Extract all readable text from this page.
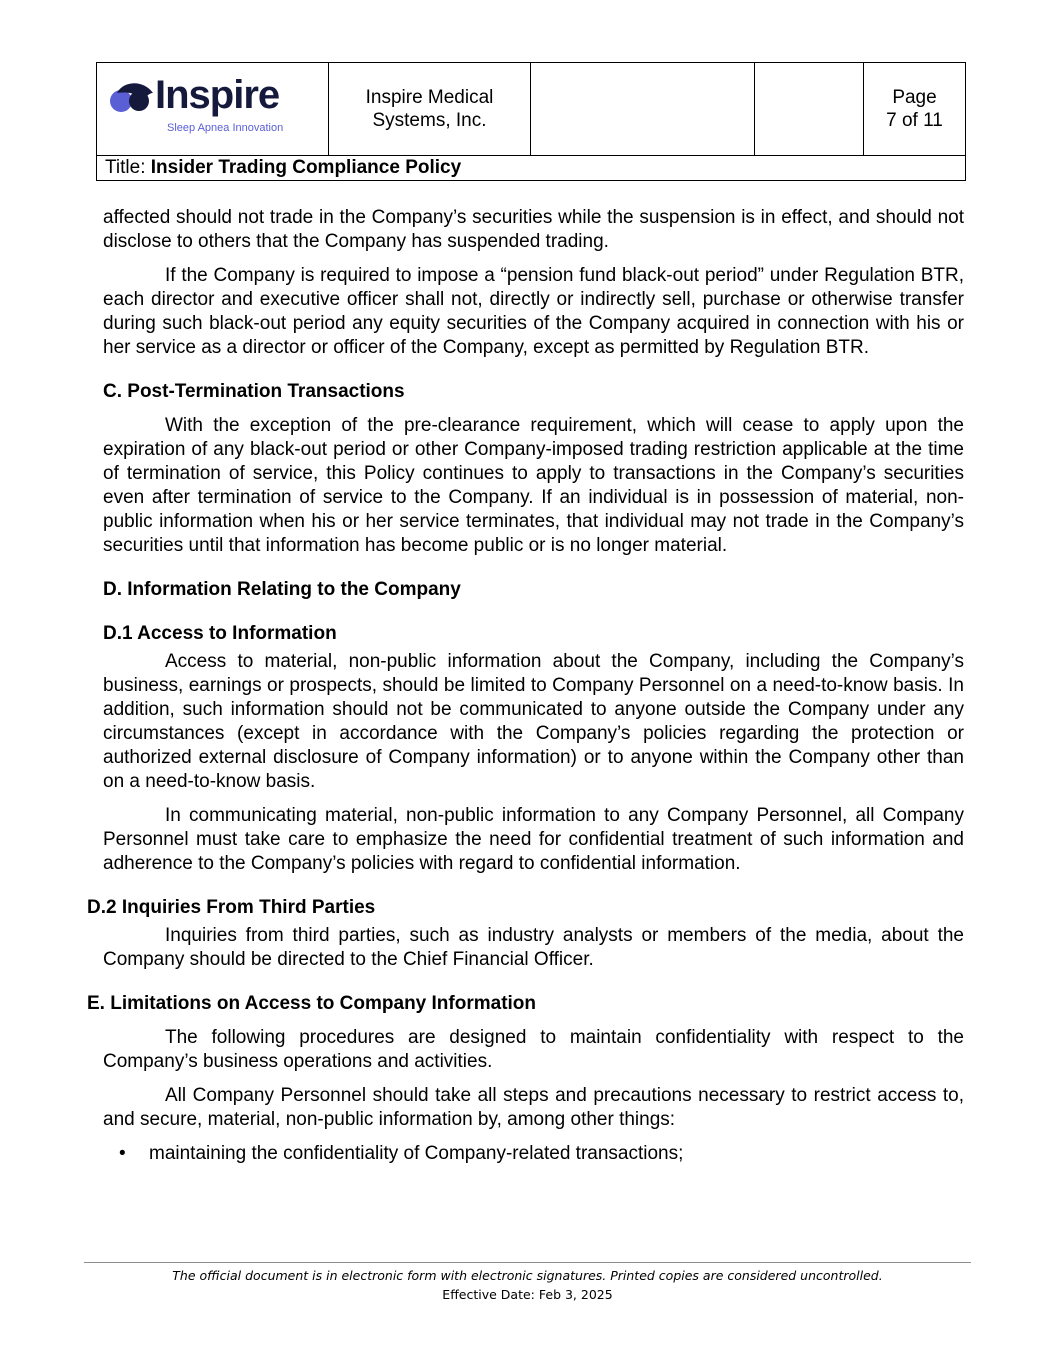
Inspire
Sleep Apnea Innovation

Inspire Medical Systems, Inc.

Page
7 of 11

Title: Insider Trading Compliance Policy

affected should not trade in the Company’s securities while the suspension is in effect, and should not disclose to others that the Company has suspended trading.

If the Company is required to impose a “pension fund black-out period” under Regulation BTR, each director and executive officer shall not, directly or indirectly sell, purchase or otherwise transfer during such black-out period any equity securities of the Company acquired in connection with his or her service as a director or officer of the Company, except as permitted by Regulation BTR.

C. Post-Termination Transactions

With the exception of the pre-clearance requirement, which will cease to apply upon the expiration of any black-out period or other Company-imposed trading restriction applicable at the time of termination of service, this Policy continues to apply to transactions in the Company’s securities even after termination of service to the Company. If an individual is in possession of material, non-public information when his or her service terminates, that individual may not trade in the Company’s securities until that information has become public or is no longer material.

D. Information Relating to the Company
D.1 Access to Information

Access to material, non-public information about the Company, including the Company’s business, earnings or prospects, should be limited to Company Personnel on a need-to-know basis. In addition, such information should not be communicated to anyone outside the Company under any circumstances (except in accordance with the Company’s policies regarding the protection or authorized external disclosure of Company information) or to anyone within the Company other than on a need-to-know basis.

In communicating material, non-public information to any Company Personnel, all Company Personnel must take care to emphasize the need for confidential treatment of such information and adherence to the Company’s policies with regard to confidential information.

D.2 Inquiries From Third Parties

Inquiries from third parties, such as industry analysts or members of the media, about the Company should be directed to the Chief Financial Officer.

E. Limitations on Access to Company Information

The following procedures are designed to maintain confidentiality with respect to the Company’s business operations and activities.

All Company Personnel should take all steps and precautions necessary to restrict access to, and secure, material, non-public information by, among other things:

•	maintaining the confidentiality of Company-related transactions;
The official document is in electronic form with electronic signatures. Printed copies are considered uncontrolled.
Effective Date: Feb 3, 2025
